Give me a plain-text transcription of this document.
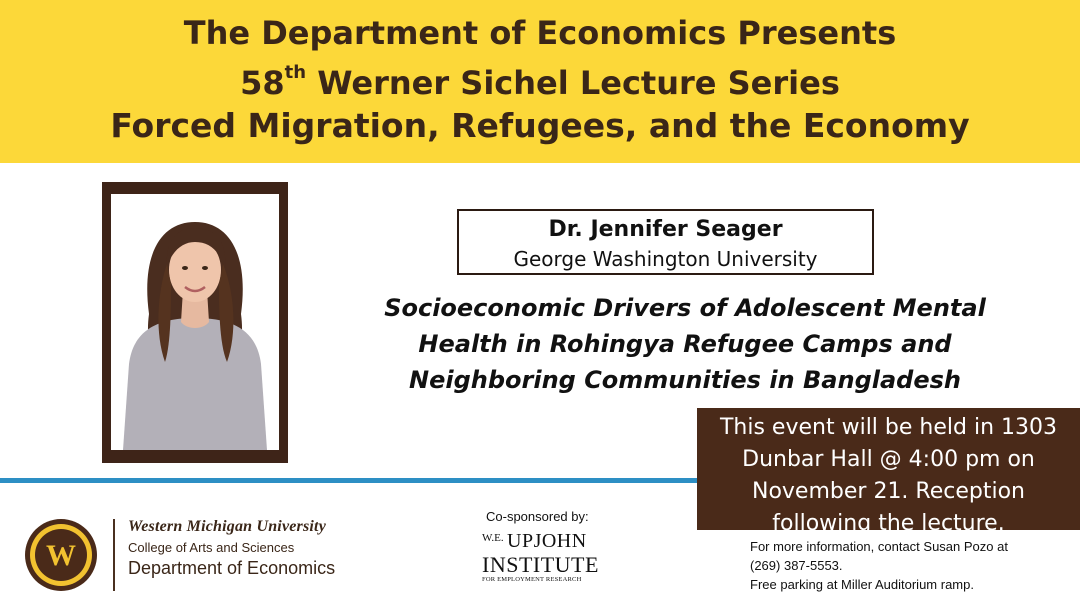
The Department of Economics Presents
58th Werner Sichel Lecture Series
Forced Migration, Refugees, and the Economy
Dr. Jennifer Seager
George Washington University
Socioeconomic Drivers of Adolescent Mental
Health in Rohingya Refugee Camps and
Neighboring Communities in Bangladesh
This event will be held in 1303
Dunbar Hall @ 4:00 pm on
November 21. Reception
following the lecture.
W
Western Michigan University
College of Arts and Sciences
Department of Economics
Co-sponsored by:
W.E. UPJOHN
INSTITUTE
FOR EMPLOYMENT RESEARCH
For more information, contact Susan Pozo at
(269) 387-5553.
Free parking at Miller Auditorium ramp.
